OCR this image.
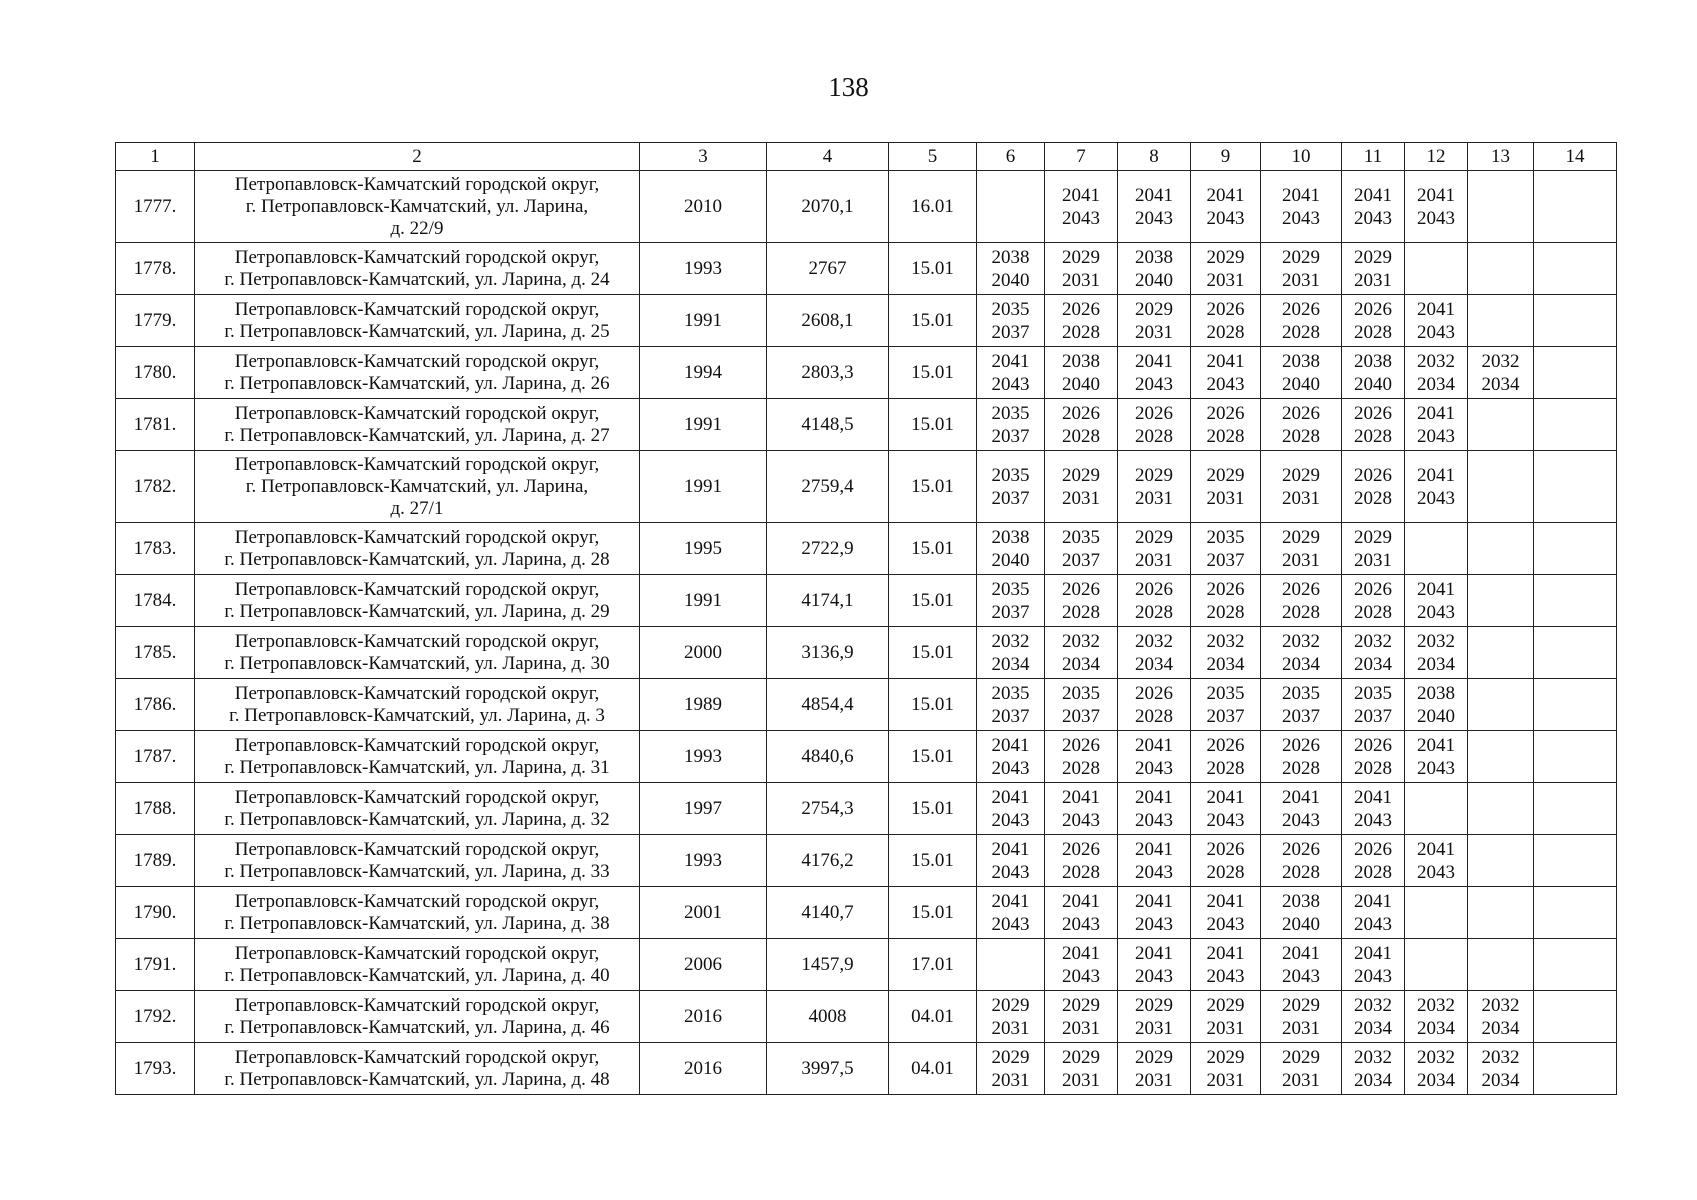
138
1	2	3	4	5	6	7	8	9	10	11	12	13	14
1777.	Петропавловск-Камчатский городской округ,
г. Петропавловск-Камчатский, ул. Ларина,
д. 22/9	2010	2070,1	16.01		2041
2043	2041
2043	2041
2043	2041
2043	2041
2043	2041
2043		

1778.	Петропавловск-Камчатский городской округ,
г. Петропавловск-Камчатский, ул. Ларина, д. 24	1993	2767	15.01	2038
2040	2029
2031	2038
2040	2029
2031	2029
2031	2029
2031			

1779.	Петропавловск-Камчатский городской округ,
г. Петропавловск-Камчатский, ул. Ларина, д. 25	1991	2608,1	15.01	2035
2037	2026
2028	2029
2031	2026
2028	2026
2028	2026
2028	2041
2043		

1780.	Петропавловск-Камчатский городской округ,
г. Петропавловск-Камчатский, ул. Ларина, д. 26	1994	2803,3	15.01	2041
2043	2038
2040	2041
2043	2041
2043	2038
2040	2038
2040	2032
2034	2032
2034	

1781.	Петропавловск-Камчатский городской округ,
г. Петропавловск-Камчатский, ул. Ларина, д. 27	1991	4148,5	15.01	2035
2037	2026
2028	2026
2028	2026
2028	2026
2028	2026
2028	2041
2043		

1782.	Петропавловск-Камчатский городской округ,
г. Петропавловск-Камчатский, ул. Ларина,
д. 27/1	1991	2759,4	15.01	2035
2037	2029
2031	2029
2031	2029
2031	2029
2031	2026
2028	2041
2043		

1783.	Петропавловск-Камчатский городской округ,
г. Петропавловск-Камчатский, ул. Ларина, д. 28	1995	2722,9	15.01	2038
2040	2035
2037	2029
2031	2035
2037	2029
2031	2029
2031			

1784.	Петропавловск-Камчатский городской округ,
г. Петропавловск-Камчатский, ул. Ларина, д. 29	1991	4174,1	15.01	2035
2037	2026
2028	2026
2028	2026
2028	2026
2028	2026
2028	2041
2043		

1785.	Петропавловск-Камчатский городской округ,
г. Петропавловск-Камчатский, ул. Ларина, д. 30	2000	3136,9	15.01	2032
2034	2032
2034	2032
2034	2032
2034	2032
2034	2032
2034	2032
2034		

1786.	Петропавловск-Камчатский городской округ,
г. Петропавловск-Камчатский, ул. Ларина, д. 3	1989	4854,4	15.01	2035
2037	2035
2037	2026
2028	2035
2037	2035
2037	2035
2037	2038
2040		

1787.	Петропавловск-Камчатский городской округ,
г. Петропавловск-Камчатский, ул. Ларина, д. 31	1993	4840,6	15.01	2041
2043	2026
2028	2041
2043	2026
2028	2026
2028	2026
2028	2041
2043		

1788.	Петропавловск-Камчатский городской округ,
г. Петропавловск-Камчатский, ул. Ларина, д. 32	1997	2754,3	15.01	2041
2043	2041
2043	2041
2043	2041
2043	2041
2043	2041
2043			

1789.	Петропавловск-Камчатский городской округ,
г. Петропавловск-Камчатский, ул. Ларина, д. 33	1993	4176,2	15.01	2041
2043	2026
2028	2041
2043	2026
2028	2026
2028	2026
2028	2041
2043		

1790.	Петропавловск-Камчатский городской округ,
г. Петропавловск-Камчатский, ул. Ларина, д. 38	2001	4140,7	15.01	2041
2043	2041
2043	2041
2043	2041
2043	2038
2040	2041
2043			

1791.	Петропавловск-Камчатский городской округ,
г. Петропавловск-Камчатский, ул. Ларина, д. 40	2006	1457,9	17.01		2041
2043	2041
2043	2041
2043	2041
2043	2041
2043			

1792.	Петропавловск-Камчатский городской округ,
г. Петропавловск-Камчатский, ул. Ларина, д. 46	2016	4008	04.01	2029
2031	2029
2031	2029
2031	2029
2031	2029
2031	2032
2034	2032
2034	2032
2034	

1793.	Петропавловск-Камчатский городской округ,
г. Петропавловск-Камчатский, ул. Ларина, д. 48	2016	3997,5	04.01	2029
2031	2029
2031	2029
2031	2029
2031	2029
2031	2032
2034	2032
2034	2032
2034	
